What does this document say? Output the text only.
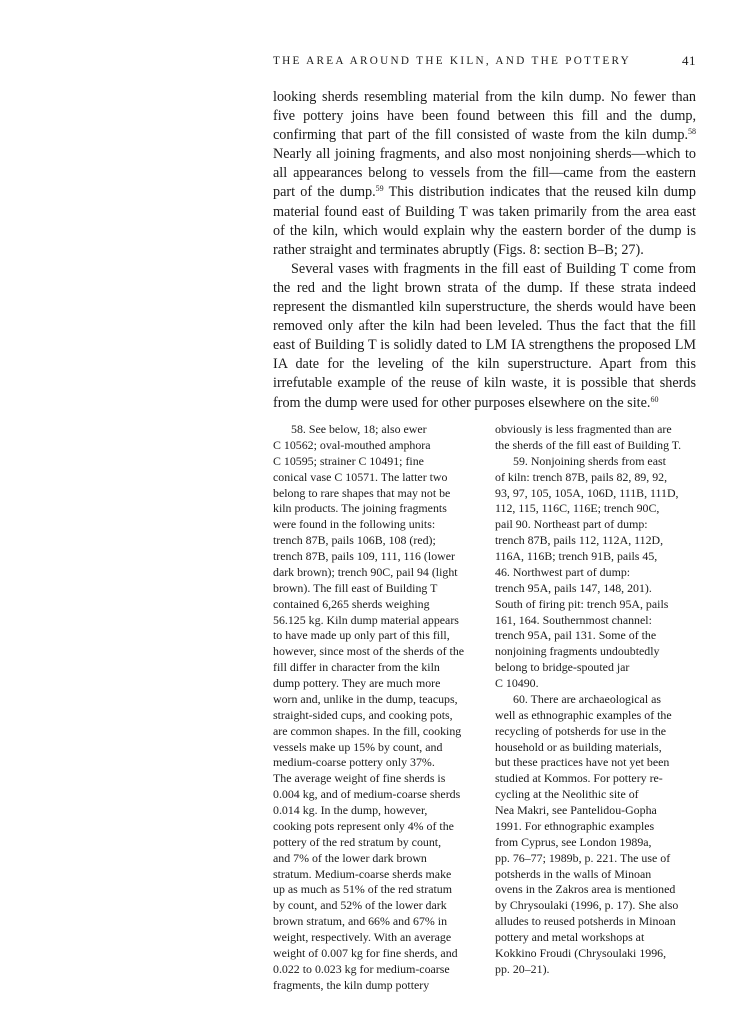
THE AREA AROUND THE KILN, AND THE POTTERY	41

looking sherds resembling material from the kiln dump. No fewer than five pottery joins have been found between this fill and the dump, confirming that part of the fill consisted of waste from the kiln dump.$^{58}$ Nearly all joining fragments, and also most nonjoining sherds—which to all appearances belong to vessels from the fill—came from the eastern part of the dump.$^{59}$ This distribution indicates that the reused kiln dump material found east of Building T was taken primarily from the area east of the kiln, which would explain why the eastern border of the dump is rather straight and terminates abruptly (Figs. 8: section B–B; 27).

Several vases with fragments in the fill east of Building T come from the red and the light brown strata of the dump. If these strata indeed represent the dismantled kiln superstructure, the sherds would have been removed only after the kiln had been leveled. Thus the fact that the fill east of Building T is solidly dated to LM IA strengthens the proposed LM IA date for the leveling of the kiln superstructure. Apart from this irrefutable example of the reuse of kiln waste, it is possible that sherds from the dump were used for other purposes elsewhere on the site.$^{60}$

58. See below, 18; also ewer
C 10562; oval-mouthed amphora
C 10595; strainer C 10491; fine
conical vase C 10571. The latter two
belong to rare shapes that may not be
kiln products. The joining fragments
were found in the following units:
trench 87B, pails 106B, 108 (red);
trench 87B, pails 109, 111, 116 (lower
dark brown); trench 90C, pail 94 (light
brown). The fill east of Building T
contained 6,265 sherds weighing
56.125 kg. Kiln dump material appears
to have made up only part of this fill,
however, since most of the sherds of the
fill differ in character from the kiln
dump pottery. They are much more
worn and, unlike in the dump, teacups,
straight-sided cups, and cooking pots,
are common shapes. In the fill, cooking
vessels make up 15% by count, and
medium-coarse pottery only 37%.
The average weight of fine sherds is
0.004 kg, and of medium-coarse sherds
0.014 kg. In the dump, however,
cooking pots represent only 4% of the
pottery of the red stratum by count,
and 7% of the lower dark brown
stratum. Medium-coarse sherds make
up as much as 51% of the red stratum
by count, and 52% of the lower dark
brown stratum, and 66% and 67% in
weight, respectively. With an average
weight of 0.007 kg for fine sherds, and
0.022 to 0.023 kg for medium-coarse
fragments, the kiln dump pottery
obviously is less fragmented than are
the sherds of the fill east of Building T.
59. Nonjoining sherds from east
of kiln: trench 87B, pails 82, 89, 92,
93, 97, 105, 105A, 106D, 111B, 111D,
112, 115, 116C, 116E; trench 90C,
pail 90. Northeast part of dump:
trench 87B, pails 112, 112A, 112D,
116A, 116B; trench 91B, pails 45,
46. Northwest part of dump:
trench 95A, pails 147, 148, 201).
South of firing pit: trench 95A, pails
161, 164. Southernmost channel:
trench 95A, pail 131. Some of the
nonjoining fragments undoubtedly
belong to bridge-spouted jar
C 10490.
60. There are archaeological as
well as ethnographic examples of the
recycling of potsherds for use in the
household or as building materials,
but these practices have not yet been
studied at Kommos. For pottery re-
cycling at the Neolithic site of
Nea Makri, see Pantelidou-Gopha
1991. For ethnographic examples
from Cyprus, see London 1989a,
pp. 76–77; 1989b, p. 221. The use of
potsherds in the walls of Minoan
ovens in the Zakros area is mentioned
by Chrysoulaki (1996, p. 17). She also
alludes to reused potsherds in Minoan
pottery and metal workshops at
Kokkino Froudi (Chrysoulaki 1996,
pp. 20–21).
